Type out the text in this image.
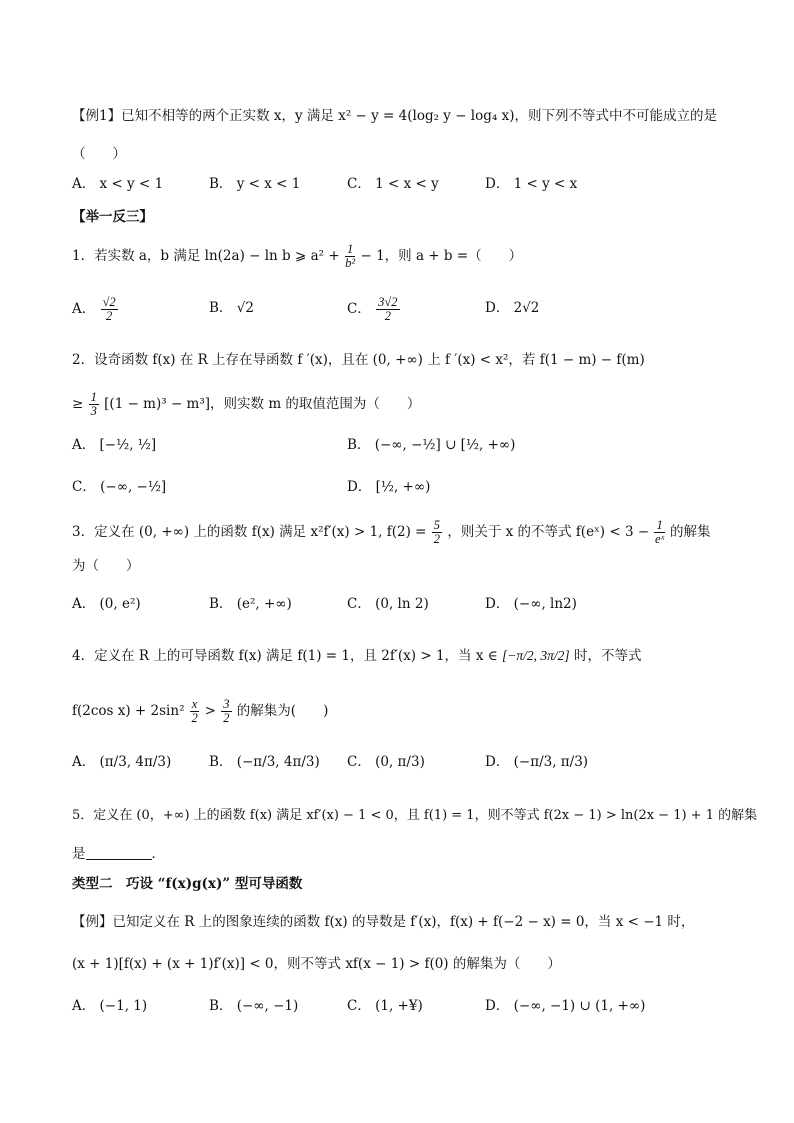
【例1】已知不相等的两个正实数 x，y 满足 x² − y = 4(log₂ y − log₄ x)，则下列不等式中不可能成立的是
（　　）
A． x < y < 1	B． y < x < 1	C． 1 < x < y	D． 1 < y < x
【举一反三】
1．若实数 a，b 满足 ln(2a) − ln b ⩾ $a^2 + \frac{1}{\text{b²}} - 1$，则 a + b =（　　）
A． $\frac{√2}{2}$	B． √2	C． $\frac{3√2}{2}$	D． 2√2
2．设奇函数 f(x) 在 R 上存在导函数 f ′(x)，且在 (0, +∞) 上 f ′(x) < x²，若 f(1 − m) − f(m)
≥ $\frac{1}{3} [(1 - m)^3 - m^3]$，则实数 m 的取值范围为（　　）
A． [−½, ½]	B． (−∞, −½] ∪ [½, +∞)
C． (−∞, −½]	D． [½, +∞)
3．定义在 (0, +∞) 上的函数 f(x) 满足 x²f′(x) > 1, $f(2) = \frac{5}{2}$ ，则关于 x 的不等式 f(eˣ) < $3 - \frac{1}{\text{eˣ}}$ 的解集
为（　　）
A． (0, e²)	B． (e², +∞)	C． (0, ln 2)	D． (−∞, ln2)
4．定义在 R 上的可导函数 f(x) 满足 f(1) = 1，且 2f′(x) > 1，当 x ∈ [−π/2, 3π/2] 时，不等式
f(2cos $x) + 2\sin^2 \frac{x}{2} > \frac{3}{2}$ 的解集为(　　)
A． (π/3, 4π/3)	B． (−π/3, 4π/3) C． (0, π/3)	D． (−π/3, π/3)
5．定义在 (0，+∞) 上的函数 f(x) 满足 xf′(x) − 1 < 0，且 f(1) = 1，则不等式 f(2x − 1) > ln(2x − 1) + 1 的解集
是	．
类型二　巧设 “f(x)g(x)” 型可导函数
【例】已知定义在 R 上的图象连续的函数 f(x) 的导数是 f′(x)，f(x) + f(−2 − x) = 0，当 x < −1 时，
(x + 1)[f(x) + (x + 1)f′(x)] < 0，则不等式 xf(x − 1) > f(0) 的解集为（　　）
A． (−1, 1)	B． (−∞, −1)	C． (1, +¥)	D． (−∞, −1) ∪ (1, +∞)
